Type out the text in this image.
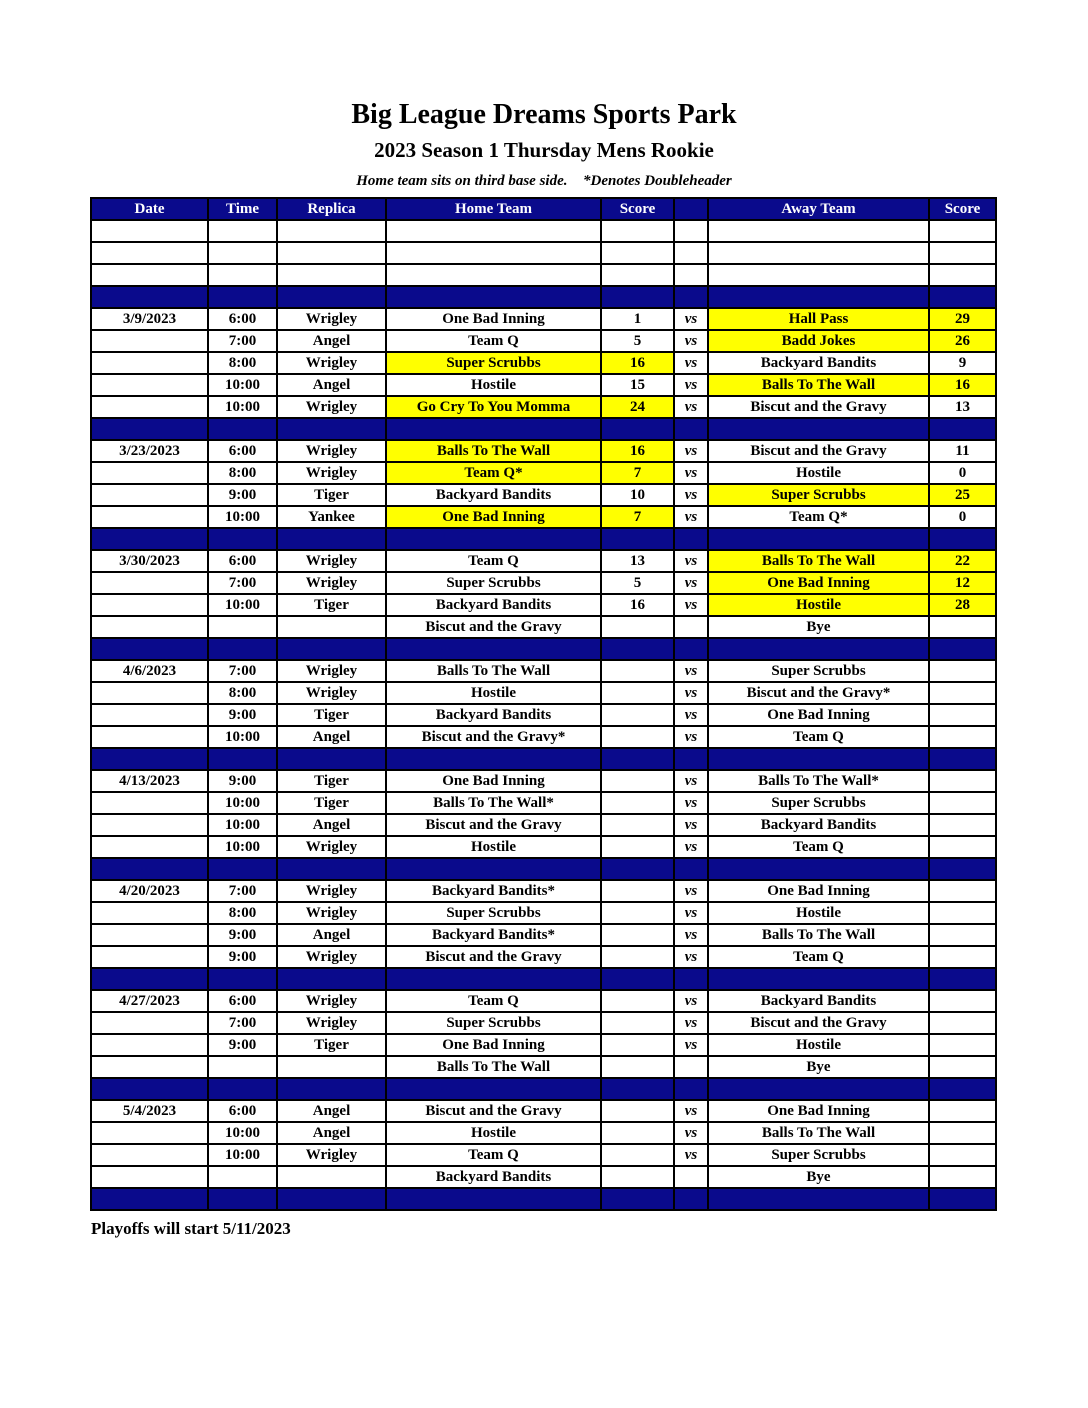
Big League Dreams Sports Park
2023 Season 1 Thursday Mens Rookie
Home team sits on third base side. *Denotes Doubleheader
Date	Time	Replica	Home Team	Score		Away Team	Score

3/9/2023	6:00	Wrigley	One Bad Inning	1	vs	Hall Pass	29
	7:00	Angel	Team Q	5	vs	Badd Jokes	26
	8:00	Wrigley	Super Scrubbs	16	vs	Backyard Bandits	9
	10:00	Angel	Hostile	15	vs	Balls To The Wall	16
	10:00	Wrigley	Go Cry To You Momma	24	vs	Biscut and the Gravy	13

3/23/2023	6:00	Wrigley	Balls To The Wall	16	vs	Biscut and the Gravy	11
	8:00	Wrigley	Team Q*	7	vs	Hostile	0
	9:00	Tiger	Backyard Bandits	10	vs	Super Scrubbs	25
	10:00	Yankee	One Bad Inning	7	vs	Team Q*	0

3/30/2023	6:00	Wrigley	Team Q	13	vs	Balls To The Wall	22
	7:00	Wrigley	Super Scrubbs	5	vs	One Bad Inning	12
	10:00	Tiger	Backyard Bandits	16	vs	Hostile	28
			Biscut and the Gravy			Bye	

4/6/2023	7:00	Wrigley	Balls To The Wall		vs	Super Scrubbs	
	8:00	Wrigley	Hostile		vs	Biscut and the Gravy*	
	9:00	Tiger	Backyard Bandits		vs	One Bad Inning	
	10:00	Angel	Biscut and the Gravy*		vs	Team Q	

4/13/2023	9:00	Tiger	One Bad Inning		vs	Balls To The Wall*	
	10:00	Tiger	Balls To The Wall*		vs	Super Scrubbs	
	10:00	Angel	Biscut and the Gravy		vs	Backyard Bandits	
	10:00	Wrigley	Hostile		vs	Team Q	

4/20/2023	7:00	Wrigley	Backyard Bandits*		vs	One Bad Inning	
	8:00	Wrigley	Super Scrubbs		vs	Hostile	
	9:00	Angel	Backyard Bandits*		vs	Balls To The Wall	
	9:00	Wrigley	Biscut and the Gravy		vs	Team Q	

4/27/2023	6:00	Wrigley	Team Q		vs	Backyard Bandits	
	7:00	Wrigley	Super Scrubbs		vs	Biscut and the Gravy	
	9:00	Tiger	One Bad Inning		vs	Hostile	
			Balls To The Wall			Bye	

5/4/2023	6:00	Angel	Biscut and the Gravy		vs	One Bad Inning	
	10:00	Angel	Hostile		vs	Balls To The Wall	
	10:00	Wrigley	Team Q		vs	Super Scrubbs	
			Backyard Bandits			Bye	

Playoffs will start 5/11/2023
